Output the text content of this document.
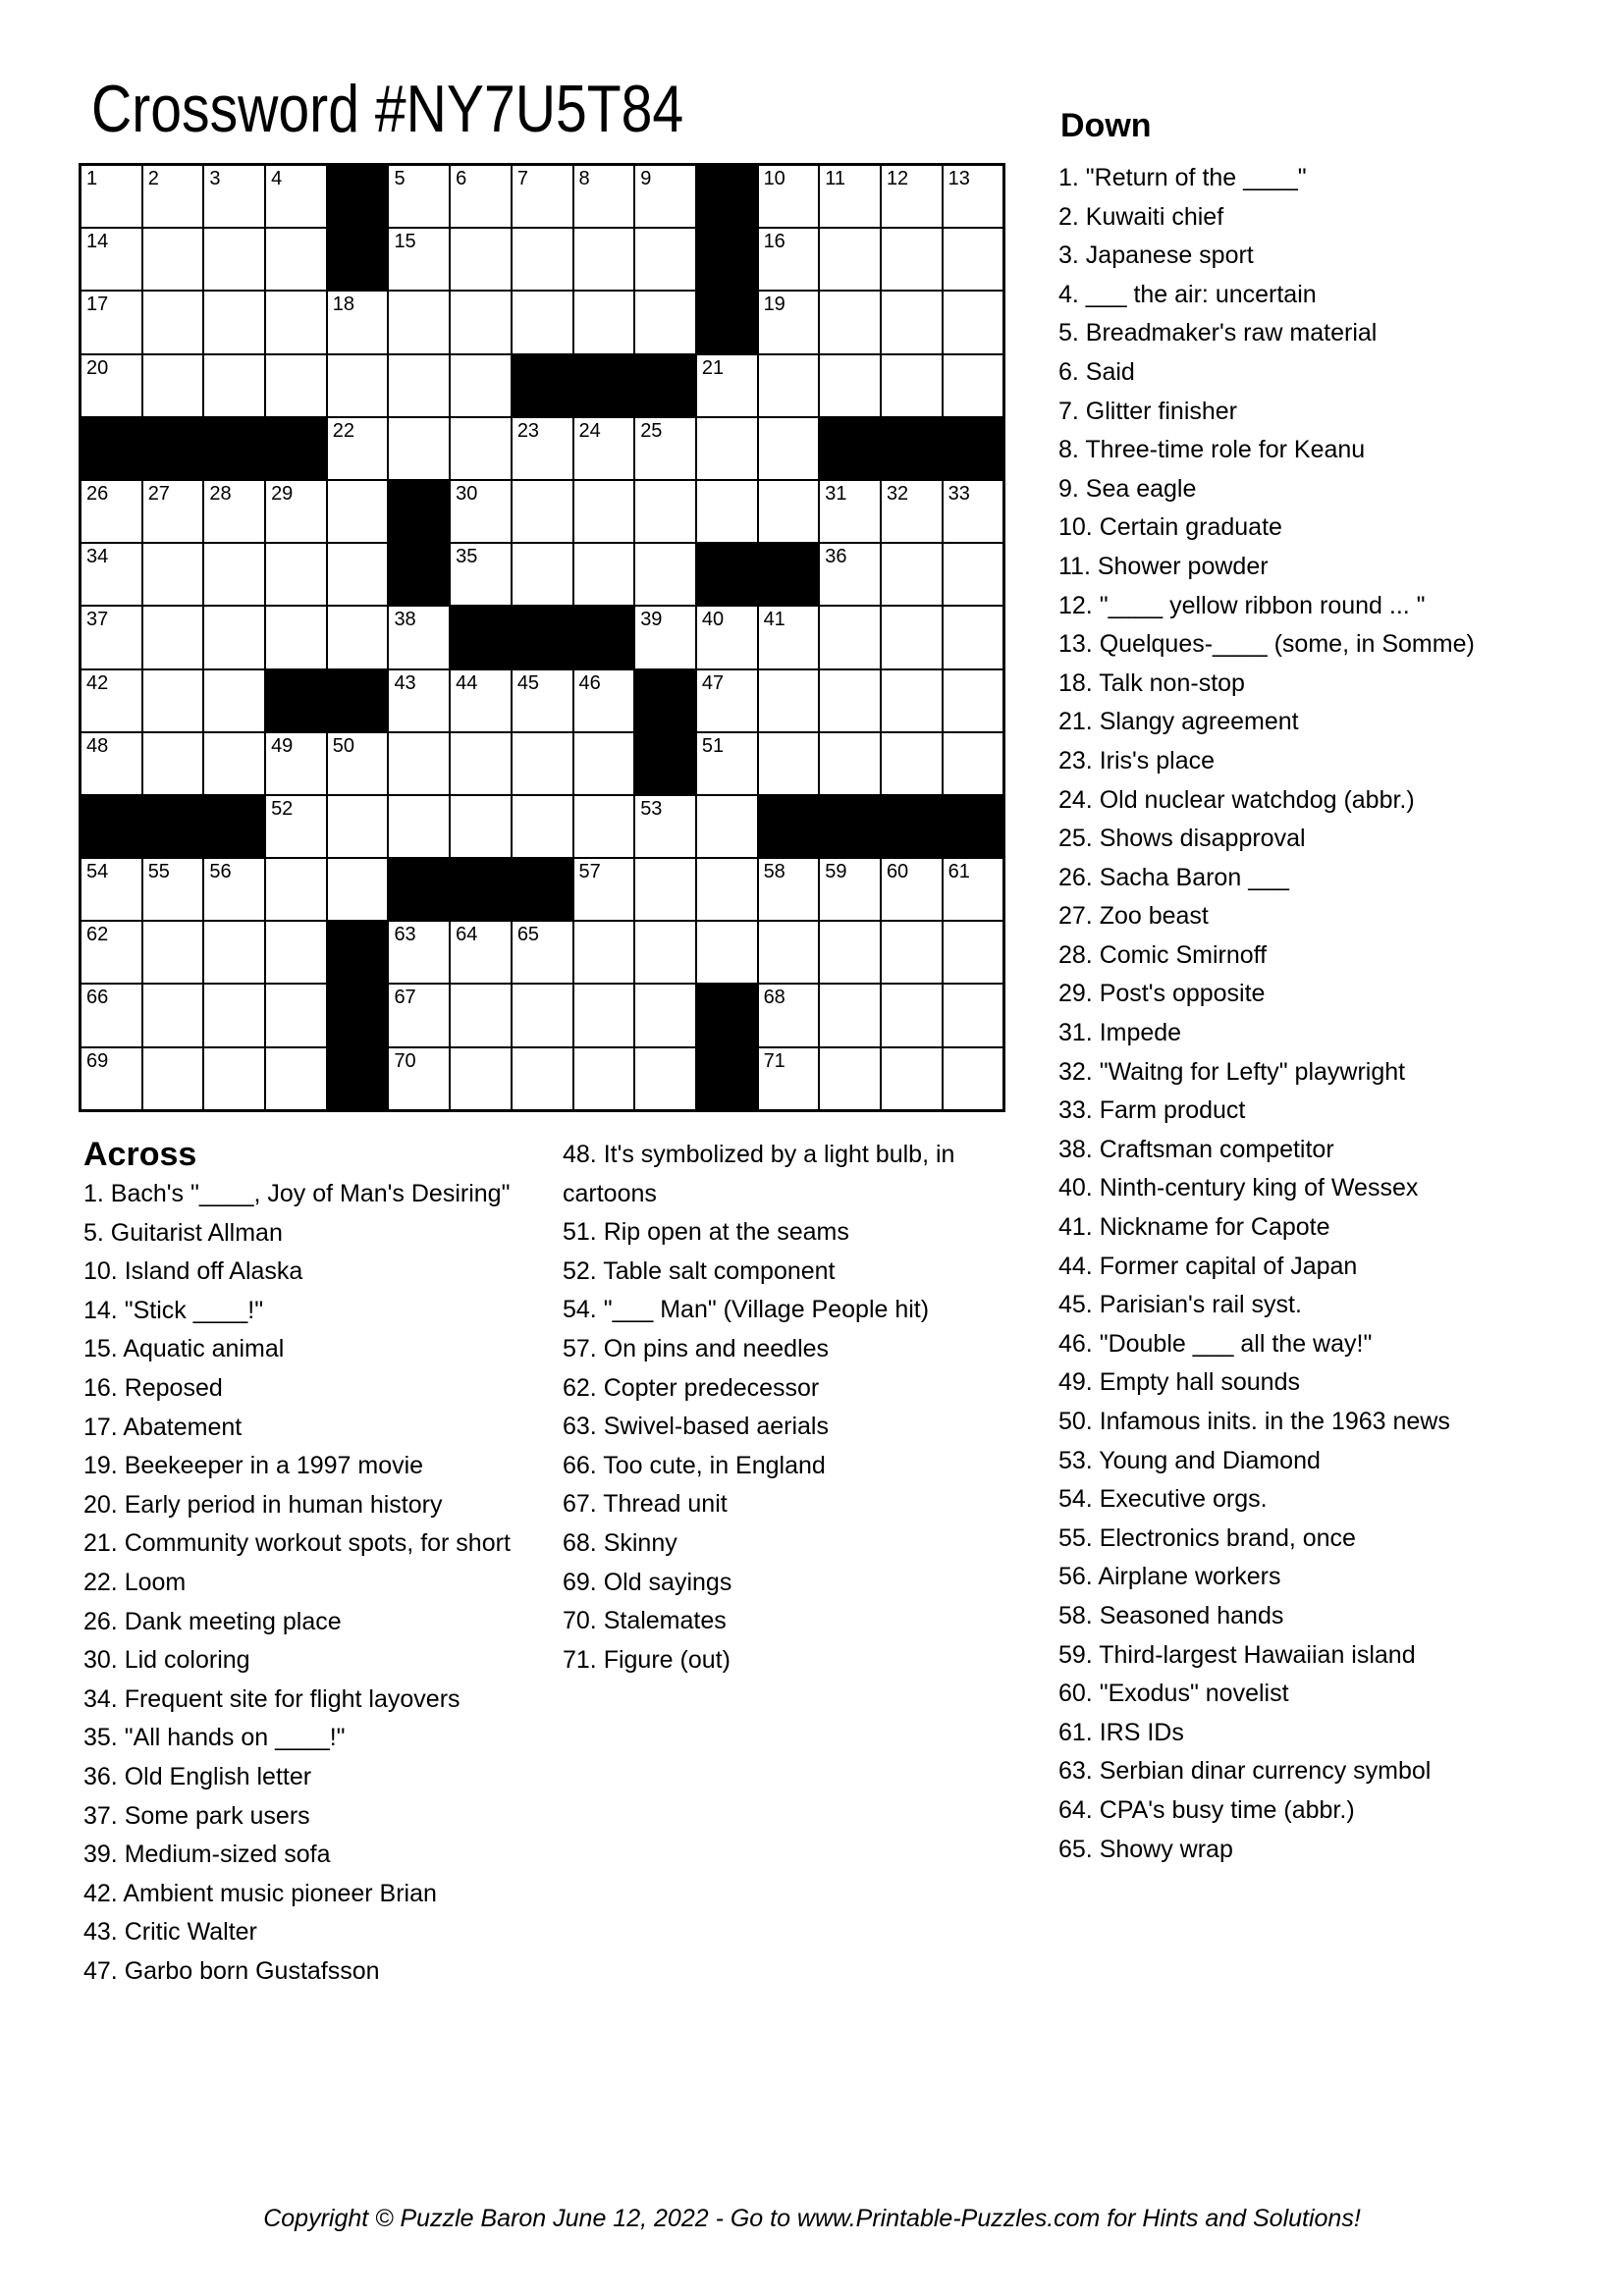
Crossword #NY7U5T84
1	2	3	4	5	6	7	8	9	10 11 12 13
14	15	16
17	18	19
20	21
22	23 24 25
26 27 28 29	30	31 32 33
34	35	36
37	38	39 40 41
42	43 44 45 46	47
48	49 50	51
52	53
54 55 56	57	58 59 60 61
62	63 64 65
66	67	68
69	70	71
Across
1. Bach's "____, Joy of Man's Desiring"
5. Guitarist Allman
10. Island off Alaska
14. "Stick ____!"
15. Aquatic animal
16. Reposed
17. Abatement
19. Beekeeper in a 1997 movie
20. Early period in human history
21. Community workout spots, for short
22. Loom
26. Dank meeting place
30. Lid coloring
34. Frequent site for flight layovers
35. "All hands on ____!"
36. Old English letter
37. Some park users
39. Medium-sized sofa
42. Ambient music pioneer Brian
43. Critic Walter
47. Garbo born Gustafsson
48. It's symbolized by a light bulb, in cartoons
51. Rip open at the seams
52. Table salt component
54. "___ Man" (Village People hit)
57. On pins and needles
62. Copter predecessor
63. Swivel-based aerials
66. Too cute, in England
67. Thread unit
68. Skinny
69. Old sayings
70. Stalemates
71. Figure (out)
Down
1. "Return of the ____"
2. Kuwaiti chief
3. Japanese sport
4. ___ the air: uncertain
5. Breadmaker's raw material
6. Said
7. Glitter finisher
8. Three-time role for Keanu
9. Sea eagle
10. Certain graduate
11. Shower powder
12. "____ yellow ribbon round ... "
13. Quelques-____ (some, in Somme)
18. Talk non-stop
21. Slangy agreement
23. Iris's place
24. Old nuclear watchdog (abbr.)
25. Shows disapproval
26. Sacha Baron ___
27. Zoo beast
28. Comic Smirnoff
29. Post's opposite
31. Impede
32. "Waitng for Lefty" playwright
33. Farm product
38. Craftsman competitor
40. Ninth-century king of Wessex
41. Nickname for Capote
44. Former capital of Japan
45. Parisian's rail syst.
46. "Double ___ all the way!"
49. Empty hall sounds
50. Infamous inits. in the 1963 news
53. Young and Diamond
54. Executive orgs.
55. Electronics brand, once
56. Airplane workers
58. Seasoned hands
59. Third-largest Hawaiian island
60. "Exodus" novelist
61. IRS IDs
63. Serbian dinar currency symbol
64. CPA's busy time (abbr.)
65. Showy wrap
Copyright © Puzzle Baron June 12, 2022 - Go to www.Printable-Puzzles.com for Hints and Solutions!
